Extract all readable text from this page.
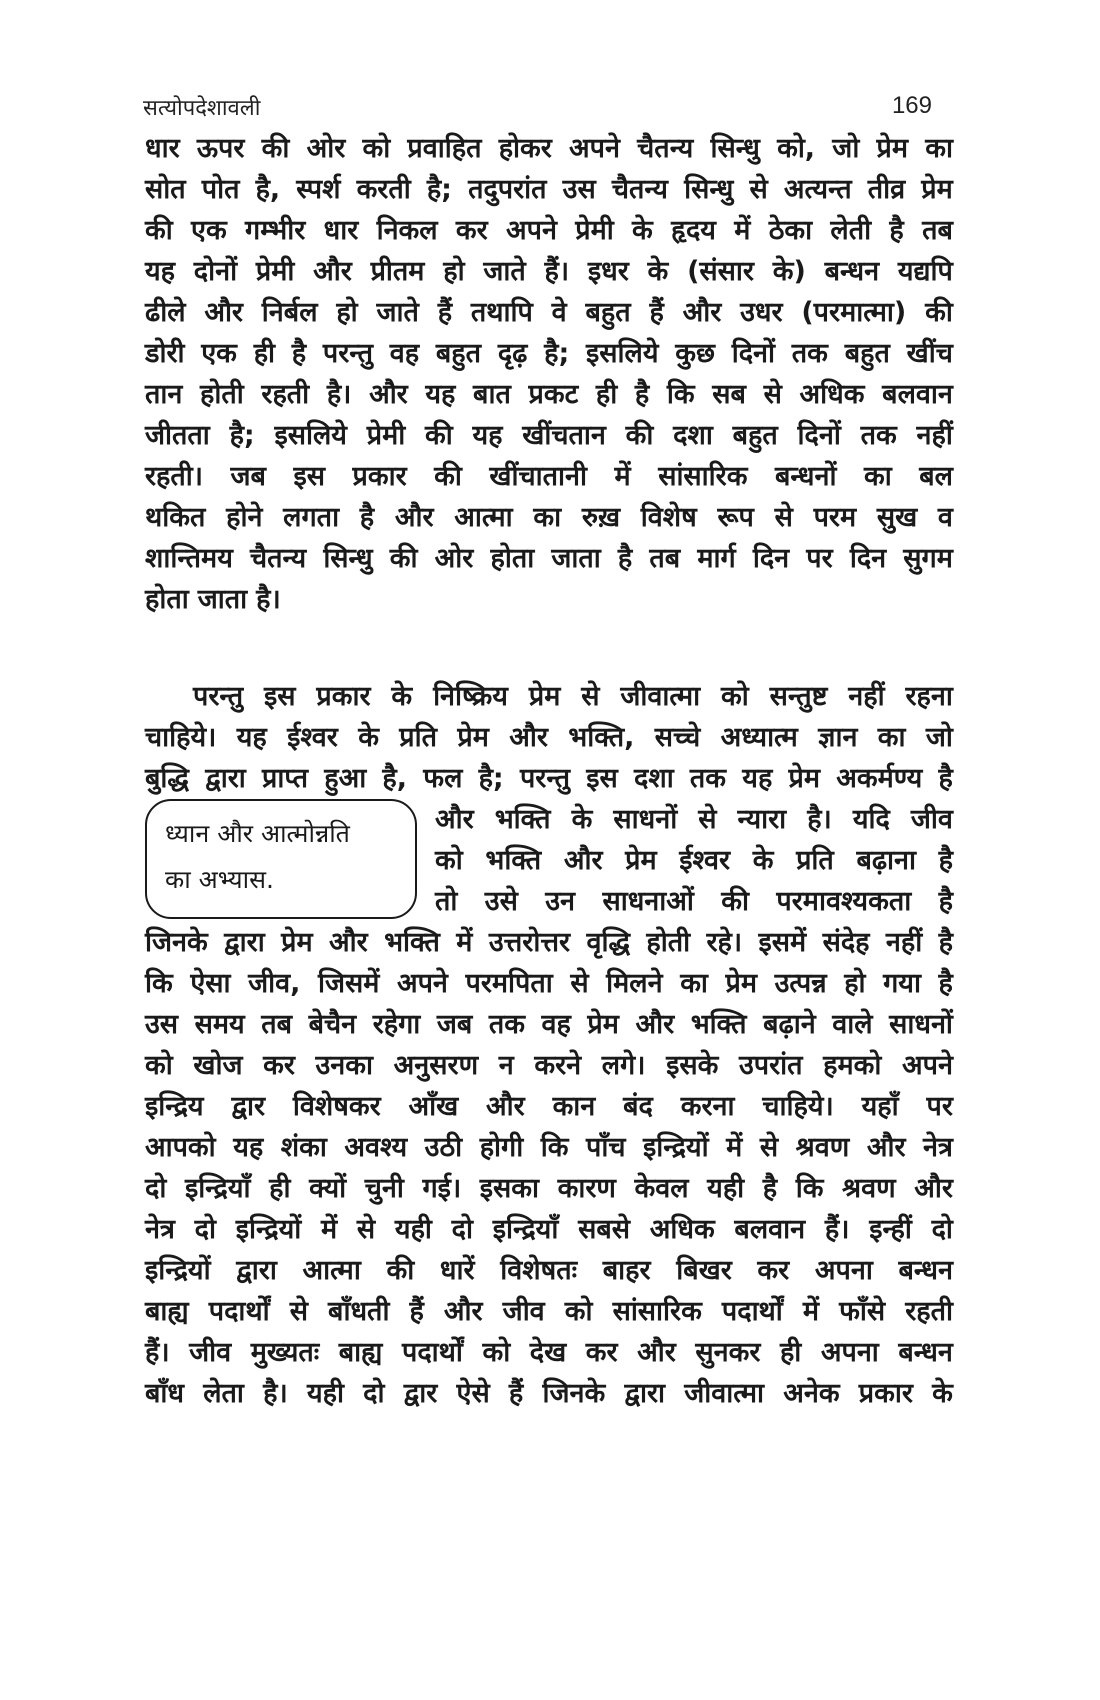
सत्योपदेशावली	169
धार ऊपर की ओर को प्रवाहित होकर अपने चैतन्य सिन्धु को, जो प्रेम का
सोत पोत है, स्पर्श करती है; तदुपरांत उस चैतन्य सिन्धु से अत्यन्त तीव्र प्रेम
की एक गम्भीर धार निकल कर अपने प्रेमी के हृदय में ठेका लेती है तब
यह दोनों प्रेमी और प्रीतम हो जाते हैं। इधर के (संसार के) बन्धन यद्यपि
ढीले और निर्बल हो जाते हैं तथापि वे बहुत हैं और उधर (परमात्मा) की
डोरी एक ही है परन्तु वह बहुत दृढ़ है; इसलिये कुछ दिनों तक बहुत खींच
तान होती रहती है। और यह बात प्रकट ही है कि सब से अधिक बलवान
जीतता है; इसलिये प्रेमी की यह खींचतान की दशा बहुत दिनों तक नहीं
रहती। जब इस प्रकार की खींचातानी में सांसारिक बन्धनों का बल
थकित होने लगता है और आत्मा का रुख़ विशेष रूप से परम सुख व
शान्तिमय चैतन्य सिन्धु की ओर होता जाता है तब मार्ग दिन पर दिन सुगम
होता जाता है।
परन्तु इस प्रकार के निष्क्रिय प्रेम से जीवात्मा को सन्तुष्ट नहीं रहना
चाहिये। यह ईश्वर के प्रति प्रेम और भक्ति, सच्चे अध्यात्म ज्ञान का जो
बुद्धि द्वारा प्राप्त हुआ है, फल है; परन्तु इस दशा तक यह प्रेम अकर्मण्य है
ध्यान और आत्मोन्नति
का अभ्यास.
और भक्ति के साधनों से न्यारा है। यदि जीव
को भक्ति और प्रेम ईश्वर के प्रति बढ़ाना है
तो उसे उन साधनाओं की परमावश्यकता है
जिनके द्वारा प्रेम और भक्ति में उत्तरोत्तर वृद्धि होती रहे। इसमें संदेह नहीं है
कि ऐसा जीव, जिसमें अपने परमपिता से मिलने का प्रेम उत्पन्न हो गया है
उस समय तब बेचैन रहेगा जब तक वह प्रेम और भक्ति बढ़ाने वाले साधनों
को खोज कर उनका अनुसरण न करने लगे। इसके उपरांत हमको अपने
इन्द्रिय द्वार विशेषकर आँख और कान बंद करना चाहिये। यहाँ पर
आपको यह शंका अवश्य उठी होगी कि पाँच इन्द्रियों में से श्रवण और नेत्र
दो इन्द्रियाँ ही क्यों चुनी गई। इसका कारण केवल यही है कि श्रवण और
नेत्र दो इन्द्रियों में से यही दो इन्द्रियाँ सबसे अधिक बलवान हैं। इन्हीं दो
इन्द्रियों द्वारा आत्मा की धारें विशेषतः बाहर बिखर कर अपना बन्धन
बाह्य पदार्थों से बाँधती हैं और जीव को सांसारिक पदार्थों में फाँसे रहती
हैं। जीव मुख्यतः बाह्य पदार्थों को देख कर और सुनकर ही अपना बन्धन
बाँध लेता है। यही दो द्वार ऐसे हैं जिनके द्वारा जीवात्मा अनेक प्रकार के
